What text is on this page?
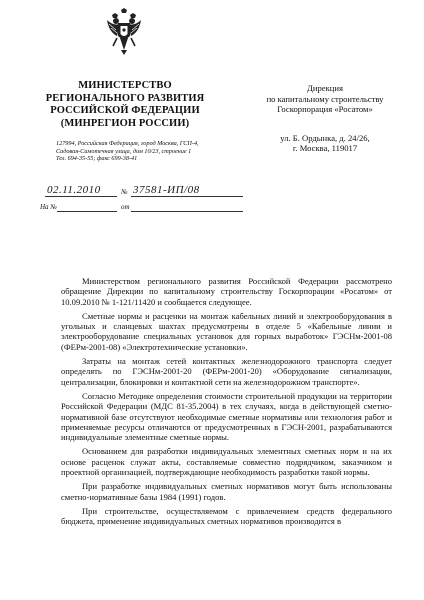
МИНИСТЕРСТВО
РЕГИОНАЛЬНОГО РАЗВИТИЯ
РОССИЙСКОЙ ФЕДЕРАЦИИ
(МИНРЕГИОН РОССИИ)
127994, Российская Федерация, город Москва, ГСП-4,
Садовая-Самотечная улица, дом 10/23, строение 1
Тел. 694-35-55; факс 699-38-41
Дирекция
по капитальному строительству
Госкорпорация «Росатом»
ул. Б. Ордынка, д. 24/26,
г. Москва, 119017
02.11.2010	№ 37581-ИП/08
На №	от

Министерством регионального развития Российской Федерации рассмотрено обращение Дирекции по капитальному строительству Госкорпорации «Росатом» от 10.09.2010 № 1-121/11420 и сообщается следующее.

Сметные нормы и расценки на монтаж кабельных линий и электрооборудования в угольных и сланцевых шахтах предусмотрены в отделе 5 «Кабельные линии и электрооборудование специальных установок для горных выработок» ГЭСНм-2001-08 (ФЕРм-2001-08) «Электротехнические установки».

Затраты на монтаж сетей контактных железнодорожного транспорта следует определять по ГЭСНм-2001-20 (ФЕРм-2001-20) «Оборудование сигнализации, централизации, блокировки и контактной сети на железнодорожном транспорте».

Согласно Методике определения стоимости строительной продукции на территории Российской Федерации (МДС 81-35.2004) в тех случаях, когда в действующей сметно-нормативной базе отсутствуют необходимые сметные нормативы или технология работ и применяемые ресурсы отличаются от предусмотренных в ГЭСН-2001, разрабатываются индивидуальные элементные сметные нормы.

Основанием для разработки индивидуальных элементных сметных норм и на их основе расценок служат акты, составляемые совместно подрядчиком, заказчиком и проектной организацией, подтверждающие необходимость разработки такой нормы.

При разработке индивидуальных сметных нормативов могут быть использованы сметно-нормативные базы 1984 (1991) годов.

При строительстве, осуществляемом с привлечением средств федерального бюджета, применение индивидуальных сметных нормативов производится в
